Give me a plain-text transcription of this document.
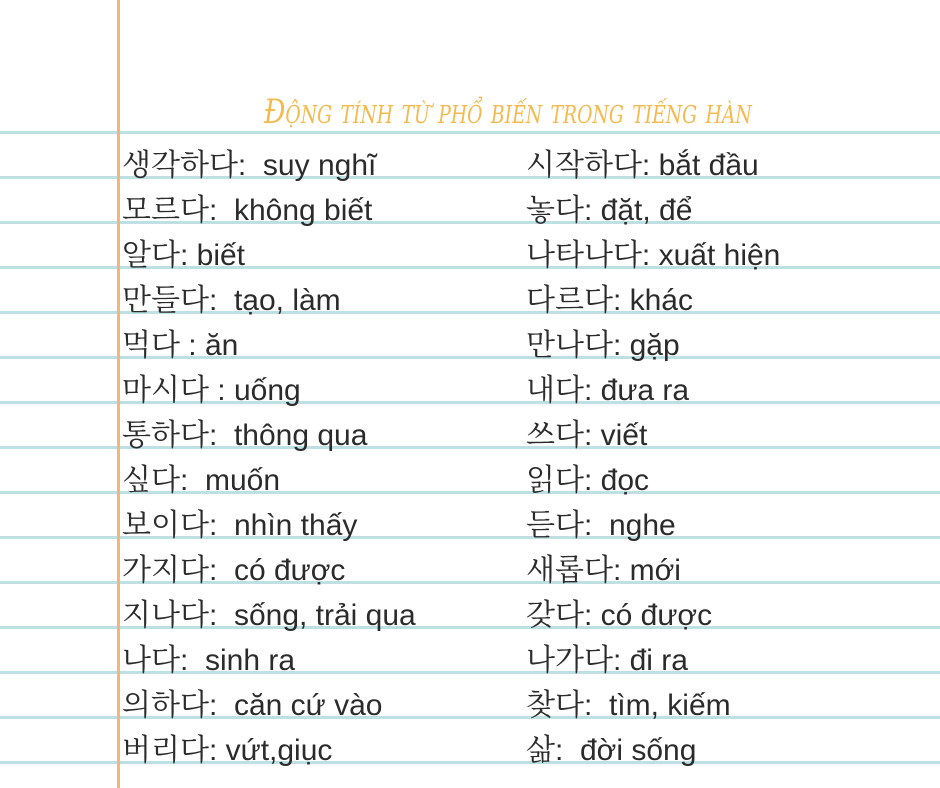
Động tính từ phổ biến trong tiếng hàn
생각하다:  suy nghĩ
모르다:  không biết
알다: biết
만들다:  tạo, làm
먹다 : ăn
마시다 : uống
통하다:  thông qua
싶다:  muốn
보이다:  nhìn thấy
가지다:  có được
지나다:  sống, trải qua
나다:  sinh ra
의하다:  căn cứ vào
버리다: vứt,giục
시작하다: bắt đầu
놓다: đặt, để
나타나다: xuất hiện
다르다: khác
만나다: gặp
내다: đưa ra
쓰다: viết
읽다: đọc
듣다:  nghe
새롭다: mới
갖다: có được
나가다: đi ra
찾다:  tìm, kiếm
삶:  đời sống
